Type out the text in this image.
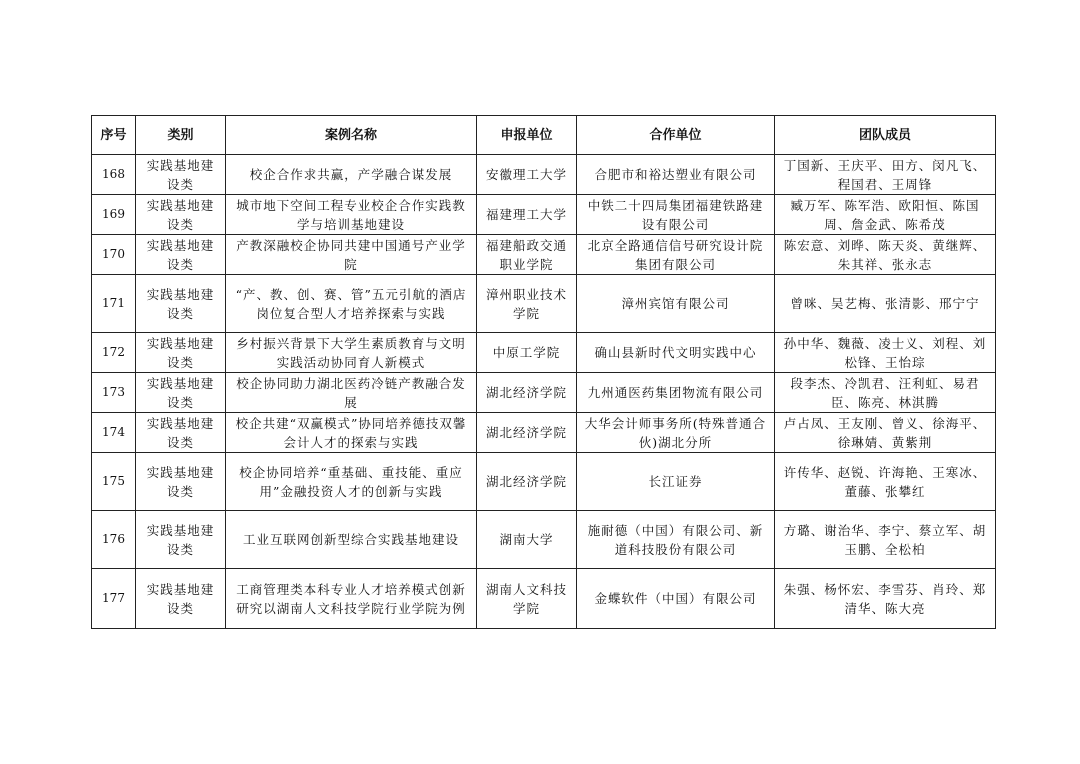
序号	类别	案例名称	申报单位	合作单位	团队成员
168	实践基地建设类	校企合作求共赢，产学融合谋发展	安徽理工大学	合肥市和裕达塑业有限公司	丁国新、王庆平、田方、闵凡飞、程国君、王周锋
169	实践基地建设类	城市地下空间工程专业校企合作实践教学与培训基地建设	福建理工大学	中铁二十四局集团福建铁路建设有限公司	臧万军、陈军浩、欧阳恒、陈国周、詹金武、陈希茂
170	实践基地建设类	产教深融校企协同共建中国通号产业学院	福建船政交通职业学院	北京全路通信信号研究设计院集团有限公司	陈宏意、刘晔、陈天炎、黄继辉、朱其祥、张永志
171	实践基地建设类	“产、教、创、赛、管”五元引航的酒店岗位复合型人才培养探索与实践	漳州职业技术学院	漳州宾馆有限公司	曾咪、吴艺梅、张清影、邢宁宁
172	实践基地建设类	乡村振兴背景下大学生素质教育与文明实践活动协同育人新模式	中原工学院	确山县新时代文明实践中心	孙中华、魏薇、凌士义、刘程、刘松锋、王怡琮
173	实践基地建设类	校企协同助力湖北医药冷链产教融合发展	湖北经济学院	九州通医药集团物流有限公司	段李杰、冷凯君、汪利虹、易君臣、陈亮、林淇腾
174	实践基地建设类	校企共建“双赢模式”协同培养德技双馨会计人才的探索与实践	湖北经济学院	大华会计师事务所(特殊普通合伙)湖北分所	卢占凤、王友刚、曾义、徐海平、徐琳婧、黄紫荆
175	实践基地建设类	校企协同培养“重基础、重技能、重应用”金融投资人才的创新与实践	湖北经济学院	长江证券	许传华、赵锐、许海艳、王寒冰、董藤、张攀红
176	实践基地建设类	工业互联网创新型综合实践基地建设	湖南大学	施耐德（中国）有限公司、新道科技股份有限公司	方璐、谢治华、李宁、蔡立军、胡玉鹏、全松柏
177	实践基地建设类	工商管理类本科专业人才培养模式创新研究以湖南人文科技学院行业学院为例	湖南人文科技学院	金蝶软件（中国）有限公司	朱强、杨怀宏、李雪芬、肖玲、郑清华、陈大亮
